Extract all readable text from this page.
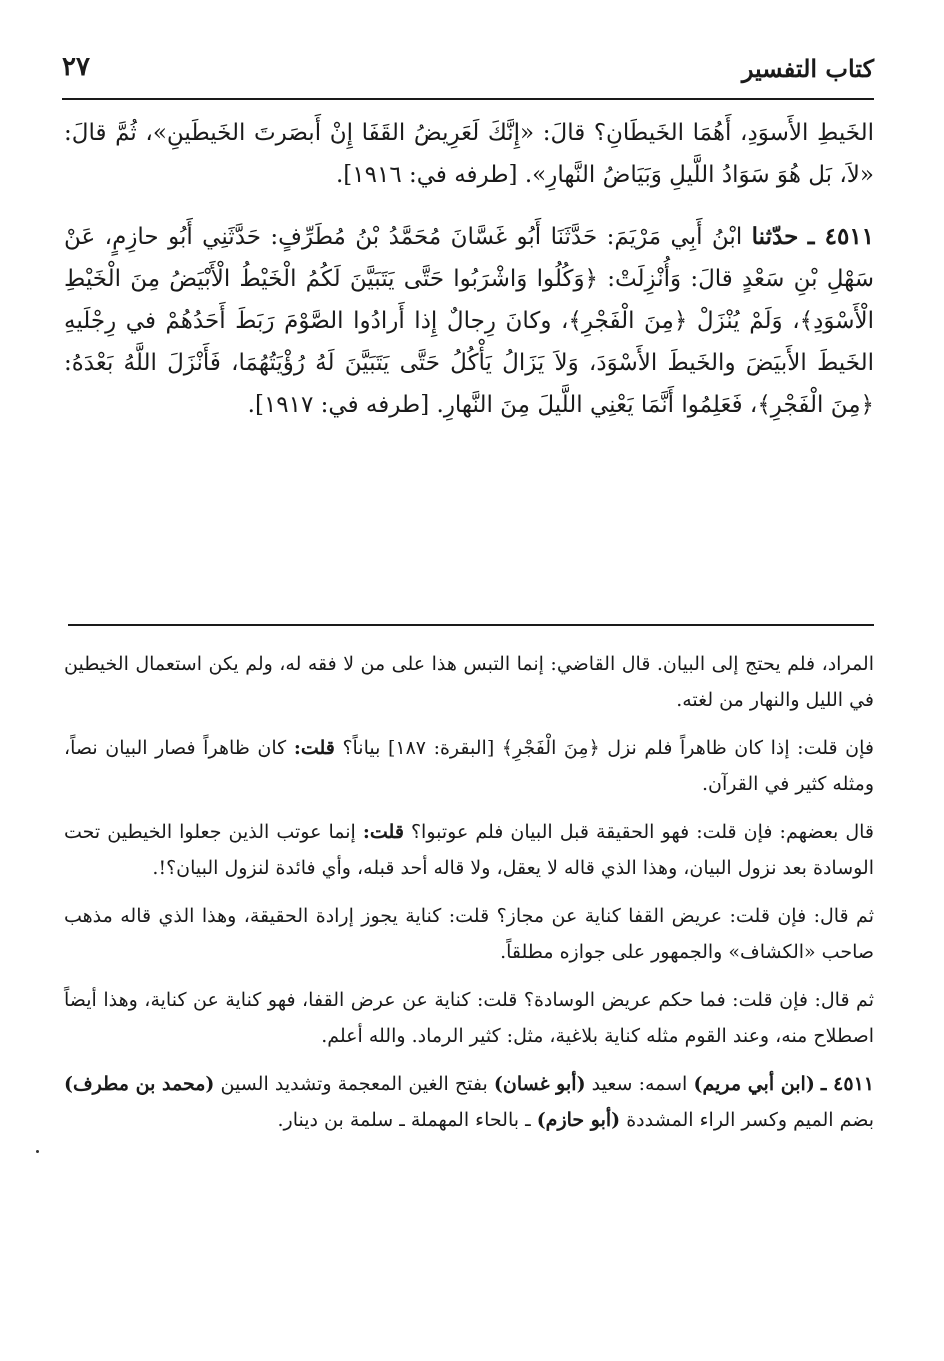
٢٧	كتاب التفسير

الخَيطِ الأَسوَدِ، أَهُمَا الخَيطَانِ؟ قالَ: «إِنَّكَ لَعَرِيضُ القَفَا إِنْ أَبصَرتَ الخَيطَينِ»، ثُمَّ قالَ: «لاَ، بَل هُوَ سَوَادُ اللَّيلِ وَبَيَاضُ النَّهارِ». [طرفه في: ١٩١٦].

٤٥١١ ـ حدّثنا ابْنُ أَبِي مَرْيَمَ: حَدَّثَنَا أَبُو غَسَّانَ مُحَمَّدُ بْنُ مُطَرِّفٍ: حَدَّثَنِي أَبُو حازِمٍ، عَنْ سَهْلِ بْنِ سَعْدٍ قالَ: وَأُنْزِلَتْ: ﴿وَكُلُوا وَاشْرَبُوا حَتَّى يَتَبَيَّنَ لَكُمُ الْخَيْطُ الْأَبْيَضُ مِنَ الْخَيْطِ الْأَسْوَدِ﴾، وَلَمْ يُنْزَلْ ﴿مِنَ الْفَجْرِ﴾، وكانَ رِجالٌ إِذا أَرادُوا الصَّوْمَ رَبَطَ أَحَدُهُمْ في رِجْلَيهِ الخَيطَ الأَبيَضَ والخَيطَ الأَسْوَدَ، وَلاَ يَزَالُ يَأْكُلُ حَتَّى يَتَبَيَّنَ لَهُ رُؤْيَتُهُمَا، فَأَنْزَلَ اللَّهُ بَعْدَهُ: ﴿مِنَ الْفَجْرِ﴾، فَعَلِمُوا أَنَّمَا يَعْنِي اللَّيلَ مِنَ النَّهارِ. [طرفه في: ١٩١٧].

المراد، فلم يحتج إلى البيان. قال القاضي: إنما التبس هذا على من لا فقه له، ولم يكن استعمال الخيطين في الليل والنهار من لغته.

فإن قلت: إذا كان ظاهراً فلم نزل ﴿مِنَ الْفَجْرِ﴾ [البقرة: ١٨٧] بياناً؟ قلت: كان ظاهراً فصار البيان نصاً، ومثله كثير في القرآن.

قال بعضهم: فإن قلت: فهو الحقيقة قبل البيان فلم عوتبوا؟ قلت: إنما عوتب الذين جعلوا الخيطين تحت الوسادة بعد نزول البيان، وهذا الذي قاله لا يعقل، ولا قاله أحد قبله، وأي فائدة لنزول البيان؟!.

ثم قال: فإن قلت: عريض القفا كناية عن مجاز؟ قلت: كناية يجوز إرادة الحقيقة، وهذا الذي قاله مذهب صاحب «الكشاف» والجمهور على جوازه مطلقاً.

ثم قال: فإن قلت: فما حكم عريض الوسادة؟ قلت: كناية عن عرض القفا، فهو كناية عن كناية، وهذا أيضاً اصطلاح منه، وعند القوم مثله كناية بلاغية، مثل: كثير الرماد. والله أعلم.

٤٥١١ ـ (ابن أبي مريم) اسمه: سعيد (أبو غسان) بفتح الغين المعجمة وتشديد السين (محمد بن مطرف) بضم الميم وكسر الراء المشددة (أبو حازم) ـ بالحاء المهملة ـ سلمة بن دينار.
